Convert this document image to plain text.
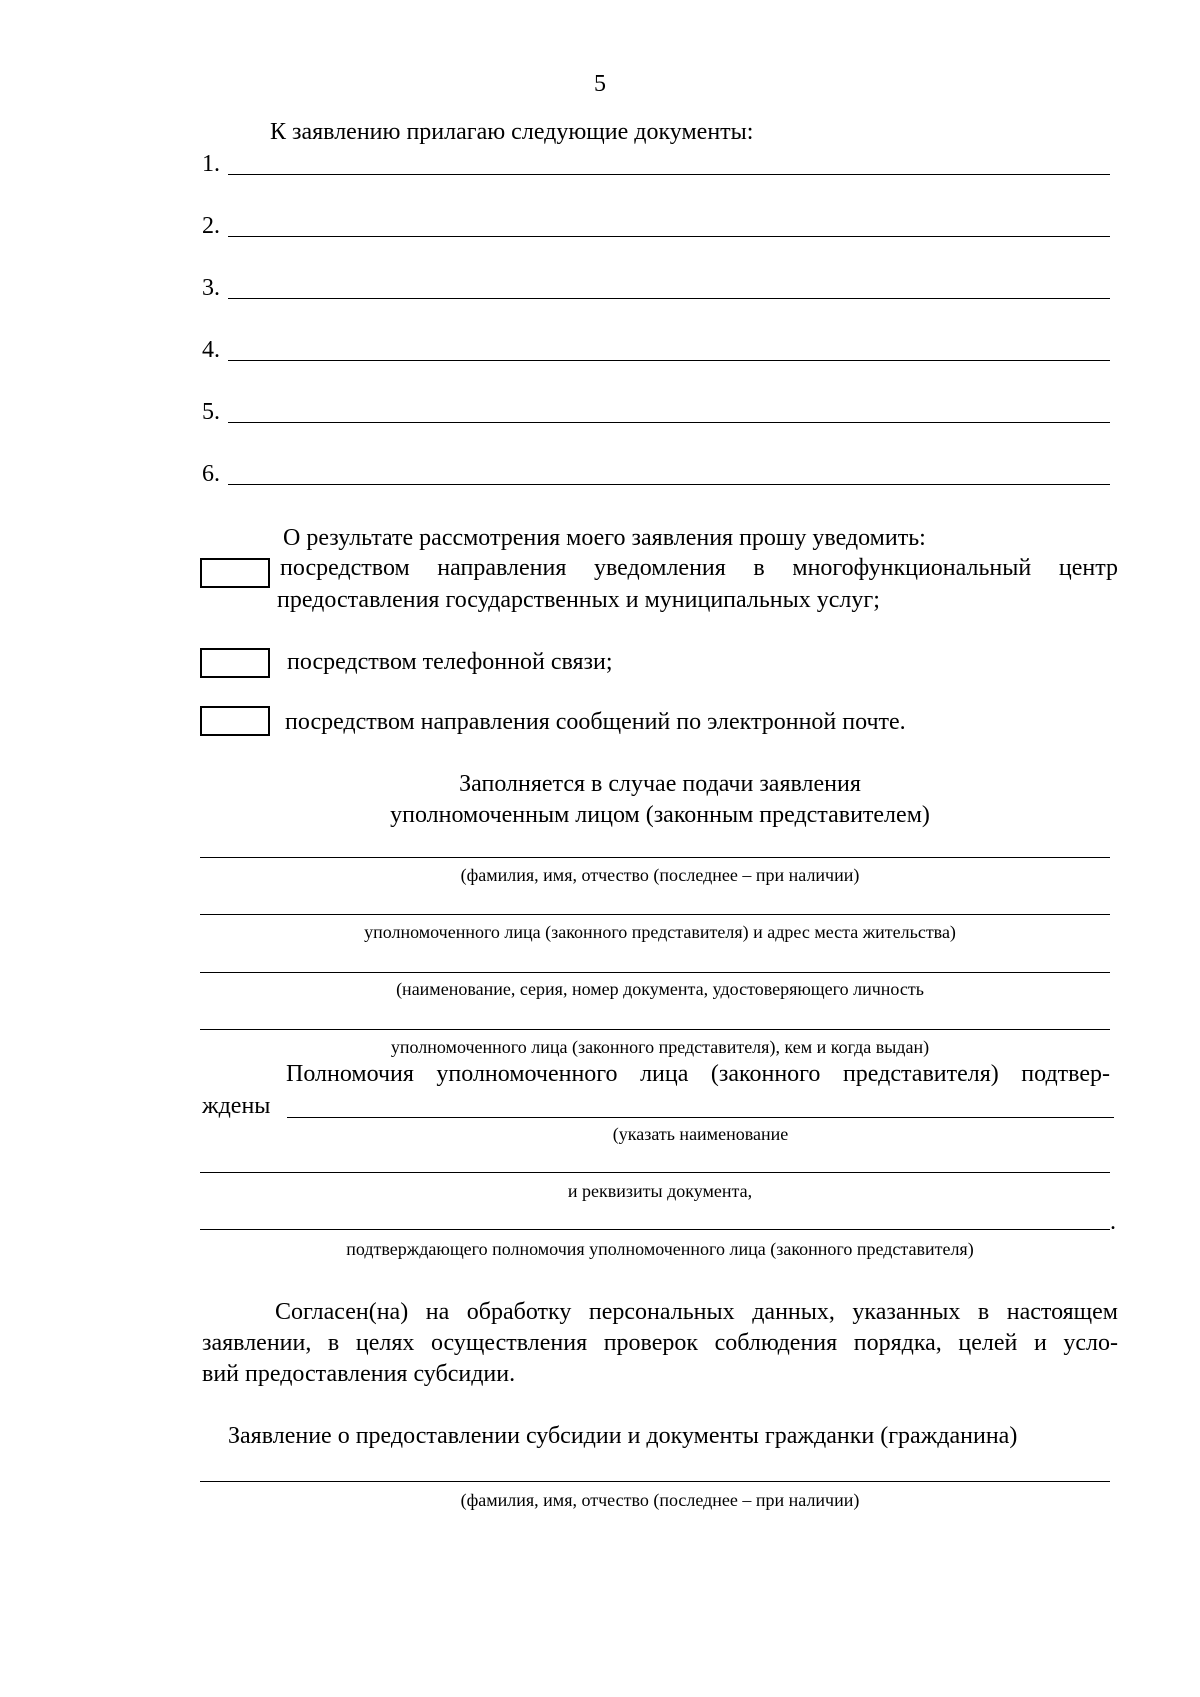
5
К заявлению прилагаю следующие документы:
1.
2.
3.
4.
5.
6.
О результате рассмотрения моего заявления прошу уведомить:
посредством направления уведомления в многофункциональный центр
предоставления государственных и муниципальных услуг;
посредством телефонной связи;
посредством направления сообщений по электронной почте.
Заполняется в случае подачи заявления
уполномоченным лицом (законным представителем)
(фамилия, имя, отчество (последнее – при наличии)
уполномоченного лица (законного представителя) и адрес места жительства)
(наименование, серия, номер документа, удостоверяющего личность
уполномоченного лица (законного представителя), кем и когда выдан)
Полномочия уполномоченного лица (законного представителя) подтвер-
ждены
(указать наименование
и реквизиты документа,
.
подтверждающего полномочия уполномоченного лица (законного представителя)
Согласен(на) на обработку персональных данных, указанных в настоящем
заявлении, в целях осуществления проверок соблюдения порядка, целей и усло-
вий предоставления субсидии.
Заявление о предоставлении субсидии и документы гражданки (гражданина)
(фамилия, имя, отчество (последнее – при наличии)
